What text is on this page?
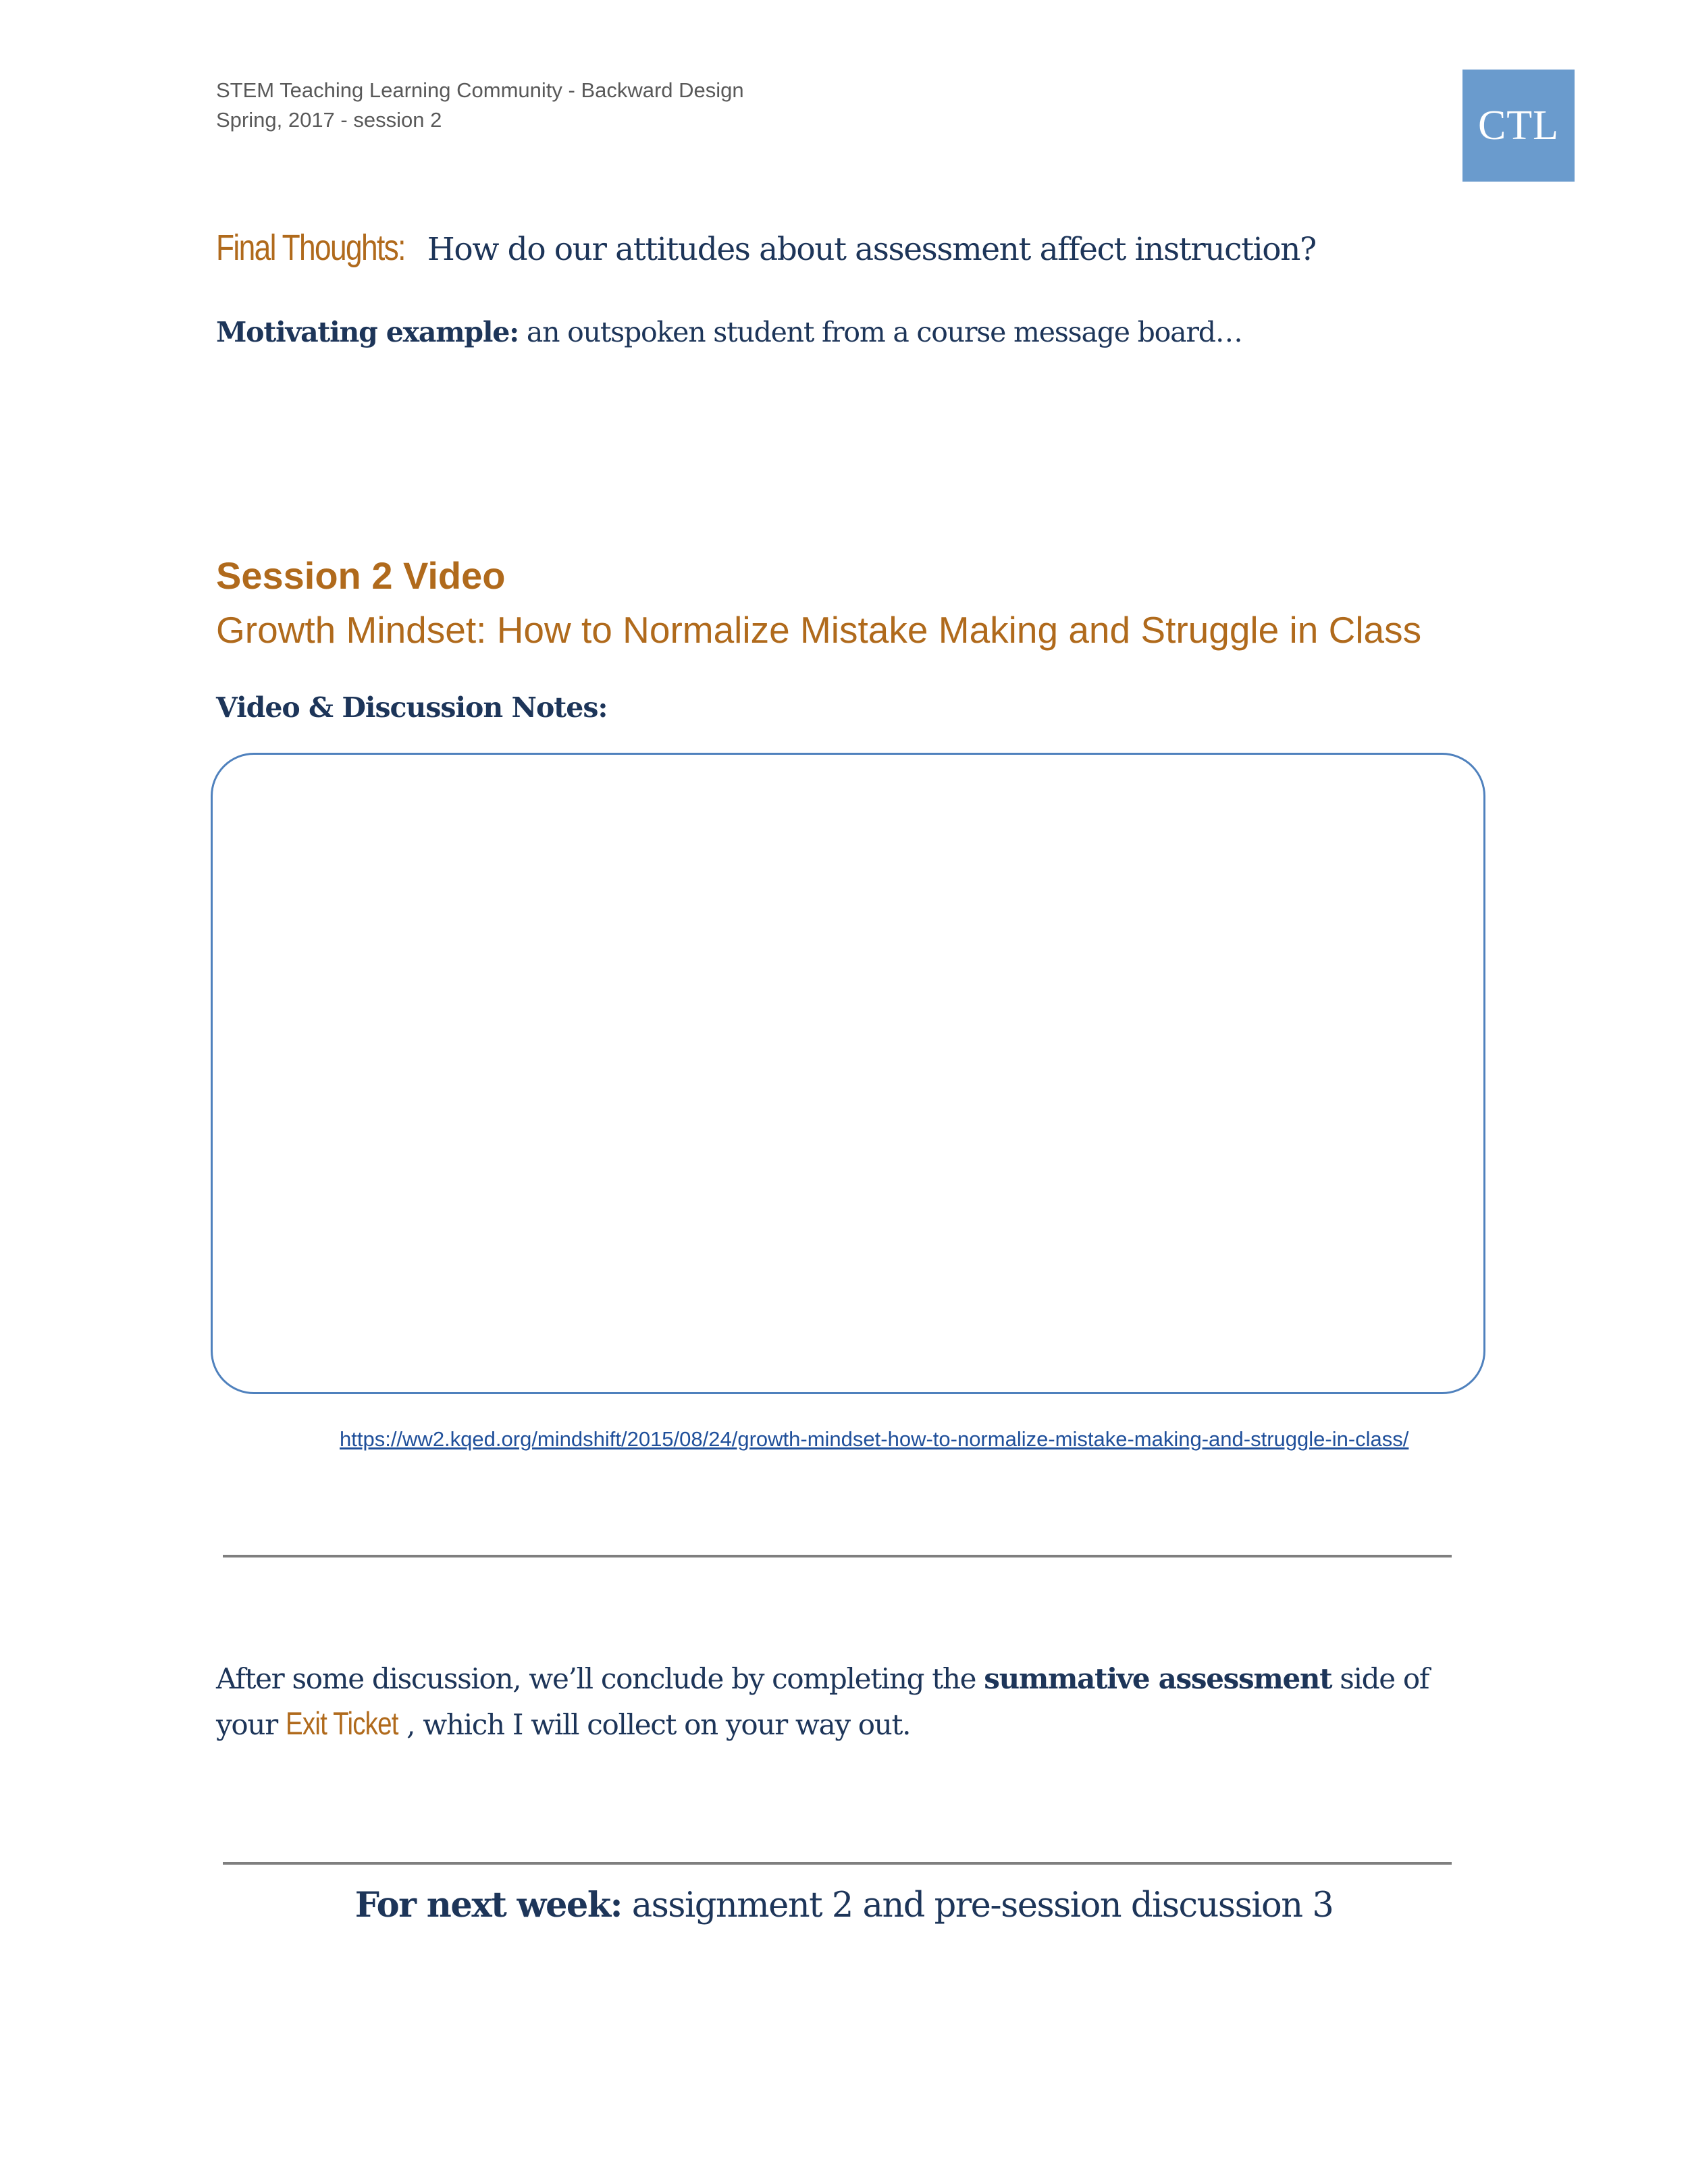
STEM Teaching Learning Community - Backward Design
Spring, 2017 - session 2	CTL
Final Thoughts: How do our attitudes about assessment affect instruction?
Motivating example: an outspoken student from a course message board…
Session 2 Video
Growth Mindset: How to Normalize Mistake Making and Struggle in Class
Video & Discussion Notes:
https://ww2.kqed.org/mindshift/2015/08/24/growth-mindset-how-to-normalize-mistake-making-and-struggle-in-class/
After some discussion, we’ll conclude by completing the summative assessment side of your Exit Ticket , which I will collect on your way out.
For next week: assignment 2 and pre-session discussion 3
